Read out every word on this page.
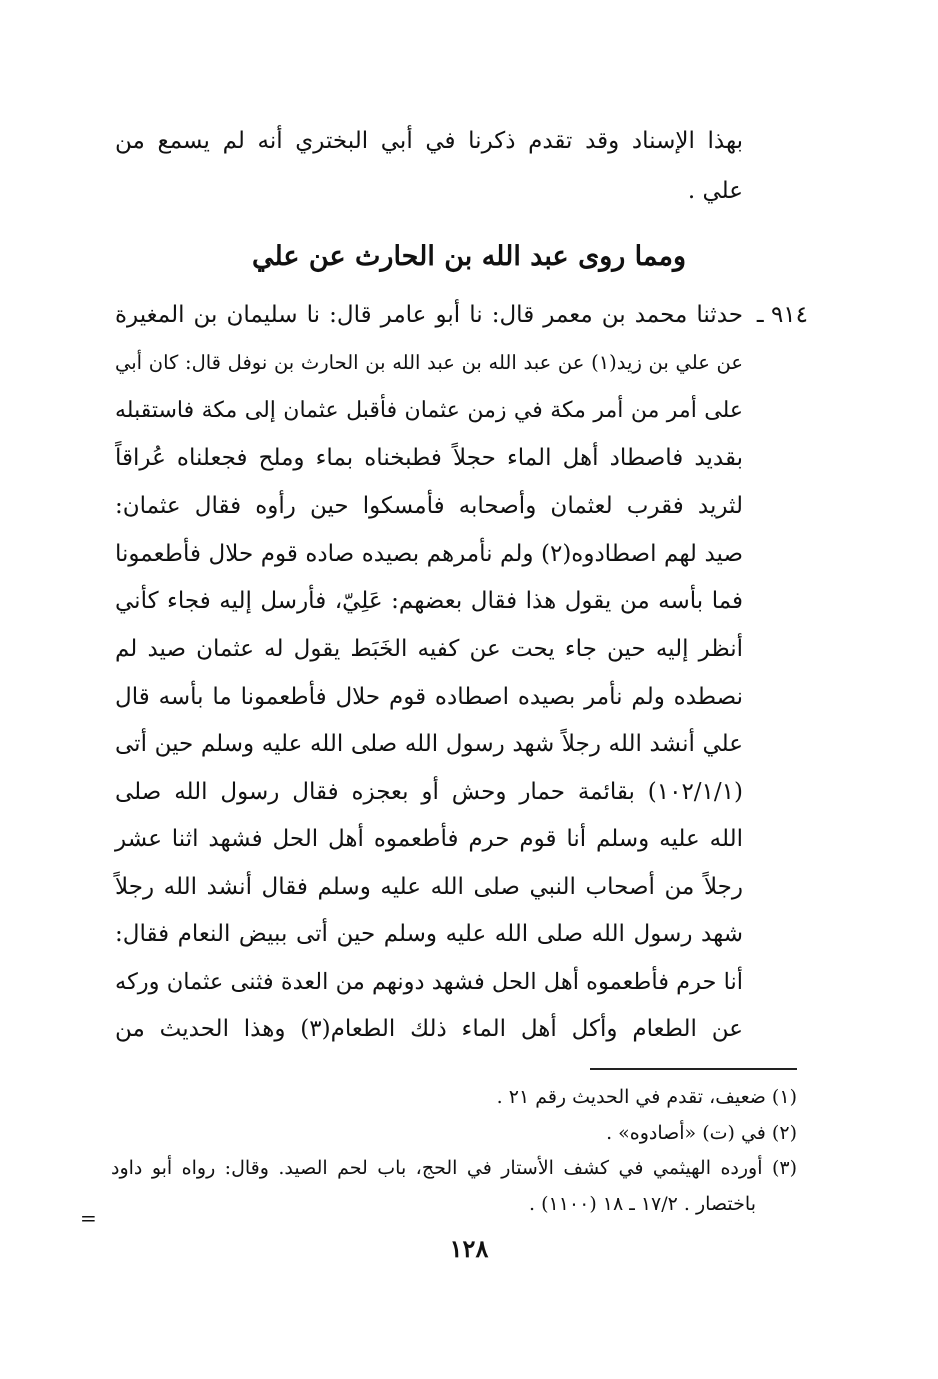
بهذا الإسناد وقد تقدم ذكرنا في أبي البختري أنه لم يسمع من
علي .
ومما روى عبد الله بن الحارث عن علي
٩١٤ ـ
حدثنا محمد بن معمر قال: نا أبو عامر قال: نا سليمان بن المغيرة
عن علي بن زيد(١) عن عبد الله بن عبد الله بن الحارث بن نوفل قال: كان أبي
على أمر من أمر مكة في زمن عثمان فأقبل عثمان إلى مكة فاستقبله
بقديد فاصطاد أهل الماء حجلاً فطبخناه بماء وملح فجعلناه عُراقاً
لثريد فقرب لعثمان وأصحابه فأمسكوا حين رأوه فقال عثمان:
صيد لهم اصطادوه(٢) ولم نأمرهم بصيده صاده قوم حلال فأطعمونا
فما بأسه من يقول هذا فقال بعضهم: عَلِيّ، فأرسل إليه فجاء كأني
أنظر إليه حين جاء يحت عن كفيه الخَبَط يقول له عثمان صيد لم
نصطده ولم نأمر بصيده اصطاده قوم حلال فأطعمونا ما بأسه قال
علي أنشد الله رجلاً شهد رسول الله صلى الله عليه وسلم حين أتى
(١٠٢/١/١) بقائمة حمار وحش أو بعجزه فقال رسول الله صلى
الله عليه وسلم أنا قوم حرم فأطعموه أهل الحل فشهد اثنا عشر
رجلاً من أصحاب النبي صلى الله عليه وسلم فقال أنشد الله رجلاً
شهد رسول الله صلى الله عليه وسلم حين أتى ببيض النعام فقال:
أنا حرم فأطعموه أهل الحل فشهد دونهم من العدة فثنى عثمان وركه
عن الطعام وأكل أهل الماء ذلك الطعام(٣) وهذا الحديث من
(١) ضعيف، تقدم في الحديث رقم ٢١ .
(٢) في (ت) «أصادوه» .
(٣) أورده الهيثمي في كشف الأستار في الحج، باب لحم الصيد. وقال: رواه أبو داود
باختصار . ١٧/٢ ـ ١٨ (١١٠٠) .
=
١٢٨
